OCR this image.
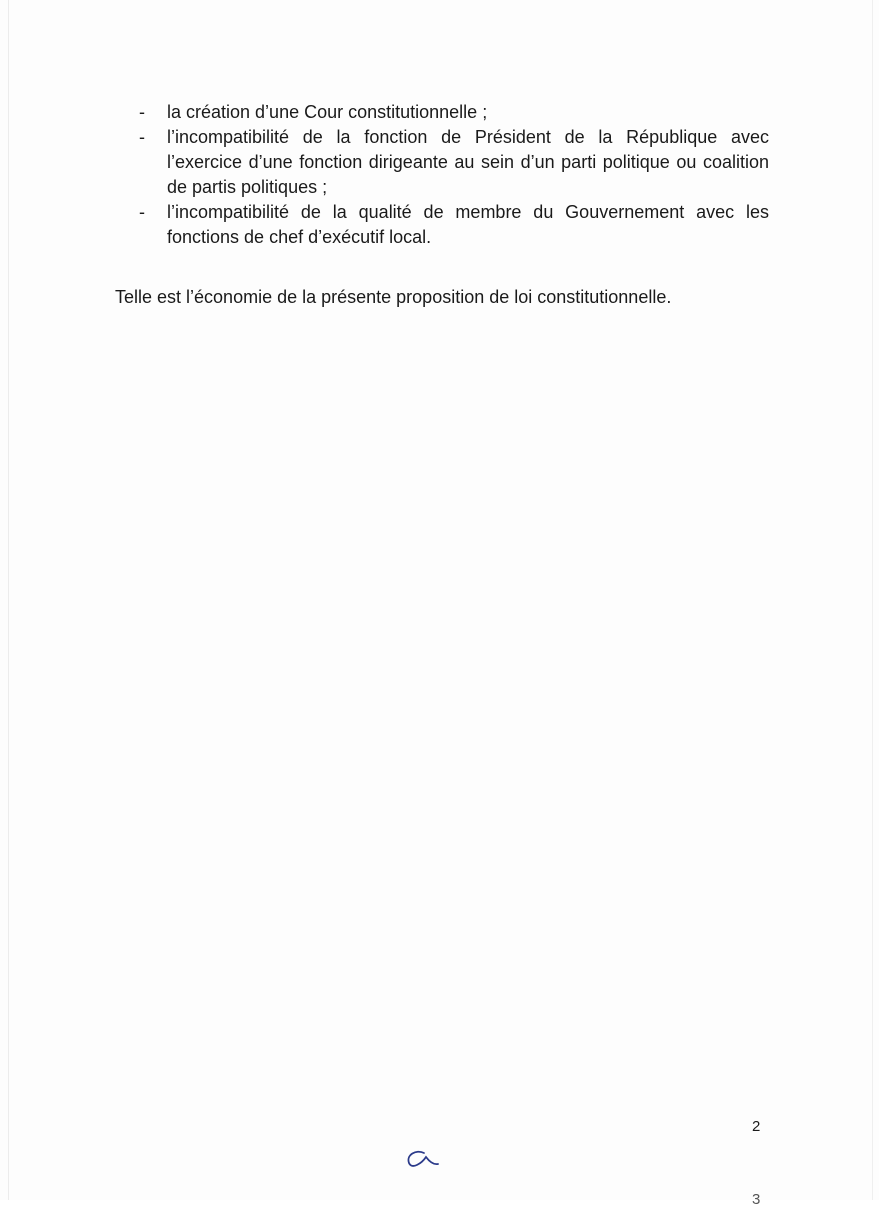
-	la création d’une Cour constitutionnelle ;
-	l’incompatibilité de la fonction de Président de la République avec l’exercice d’une fonction dirigeante au sein d’un parti politique ou coalition de partis politiques ;
-	l’incompatibilité de la qualité de membre du Gouvernement avec les fonctions de chef d’exécutif local.

Telle est l’économie de la présente proposition de loi constitutionnelle.

2
3
